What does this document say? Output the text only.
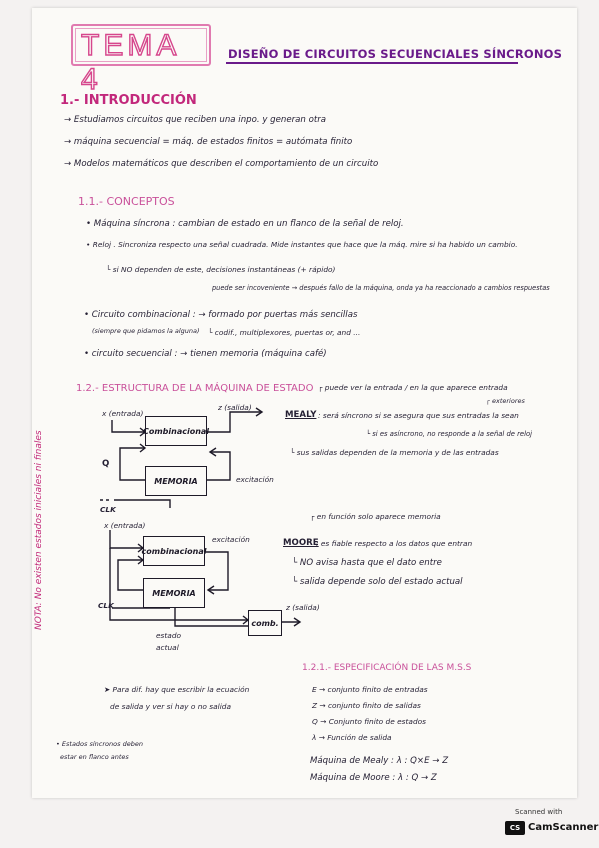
TEMA 4
DISEÑO DE CIRCUITOS SECUENCIALES SÍNCRONOS
1.- INTRODUCCIÓN
→ Estudiamos circuitos que reciben una inpo. y generan otra
→ máquina secuencial = máq. de estados finitos = autómata finito
→ Modelos matemáticos que describen el comportamiento de un circuito
1.1.- CONCEPTOS
• Máquina síncrona : cambian de estado en un flanco de la señal de reloj.
• Reloj . Sincroniza respecto una señal cuadrada. Mide instantes que hace que la máq. mire si ha habido un cambio.
└ si NO dependen de este, decisiones instantáneas (+ rápido)
puede ser incoveniente → después fallo de la máquina, onda ya ha reaccionado a cambios respuestas
• Circuito combinacional : → formado por puertas más sencillas
(siempre que pidamos la alguna) └ codif., multiplexores, puertas or, and ...
• circuito secuencial : → tienen memoria (máquina café)
1.2.- ESTRUCTURA DE LA MÁQUINA DE ESTADO ┌ puede ver la entrada / en la que aparece entrada
┌ exteriores
MEALY : será síncrono si se asegura que sus entradas la sean
└ si es asíncrono, no responde a la señal de reloj
└ sus salidas dependen de la memoria y de las entradas
┌ en función solo aparece memoria
MOORE
: es fiable respecto a los datos que entran
└ NO avisa hasta que el dato entre
└ salida depende solo del estado actual
Combinacional
MEMORIA
x (entrada)
z (salida)
Q
excitación
CLK
combinacional
MEMORIA
comb.
x (entrada)
excitación
CLK	z (salida)
estado
actual
NOTA: No existen estados iniciales ni finales
1.2.1.- ESPECIFICACIÓN DE LAS M.S.S
E → conjunto finito de entradas
Z → conjunto finito de salidas
Q → Conjunto finito de estados
λ → Función de salida
Máquina de Mealy : λ : Q×E → Z
Máquina de Moore : λ : Q → Z
➤ Para dif. hay que escribir la ecuación
de salida y ver si hay o no salida
• Estados síncronos deben
estar en flanco antes
Scanned with
CS CamScanner
